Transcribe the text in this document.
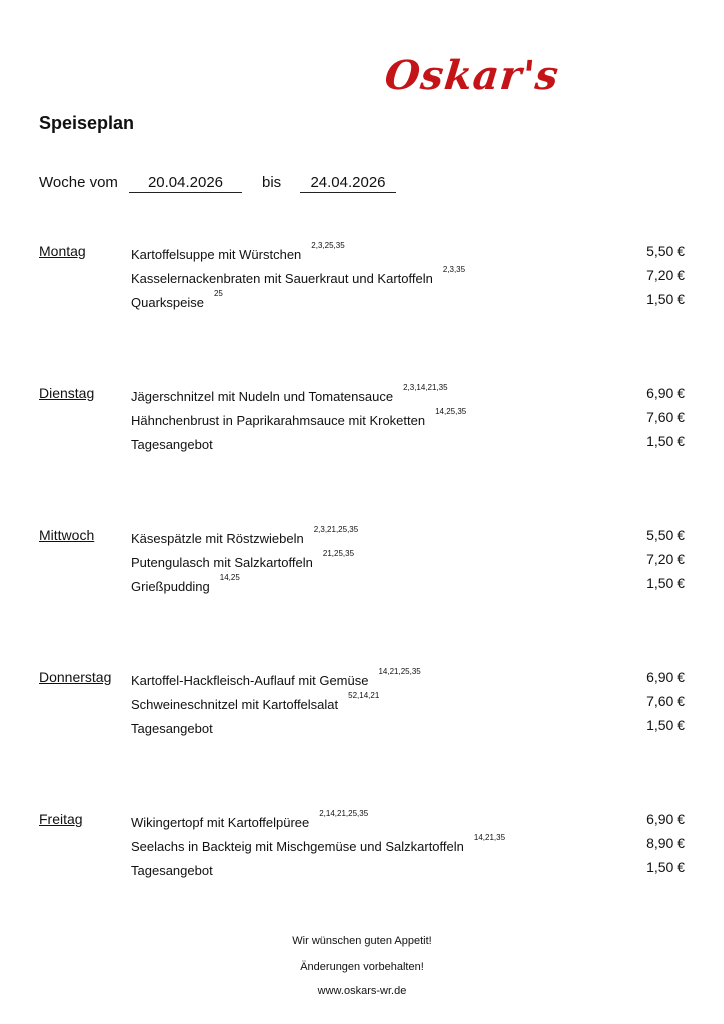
Oskar's
Speiseplan
Woche vom	20.04.2026	bis	24.04.2026
Montag	Kartoffelsuppe mit Würstchen$^{2,3,25,35}$	5,50 €
Kasselernackenbraten mit Sauerkraut und Kartoffeln$^{2,3,35}$	7,20 €
Quarkspeise$^{25}$	1,50 €
Dienstag	Jägerschnitzel mit Nudeln und Tomatensauce$^{2,3,14,21,35}$	6,90 €
Hähnchenbrust in Paprikarahmsauce mit Kroketten$^{14,25,35}$	7,60 €
Tagesangebot	1,50 €
Mittwoch	Käsespätzle mit Röstzwiebeln$^{2,3,21,25,35}$	5,50 €
Putengulasch mit Salzkartoffeln$^{21,25,35}$	7,20 €
Grießpudding$^{14,25}$	1,50 €
Donnerstag Kartoffel-Hackfleisch-Auflauf mit Gemüse$^{14,21,25,35}$	6,90 €
Schweineschnitzel mit Kartoffelsalat$^{52,14,21}$	7,60 €
Tagesangebot	1,50 €
Freitag	Wikingertopf mit Kartoffelpüree$^{2,14,21,25,35}$	6,90 €
Seelachs in Backteig mit Mischgemüse und Salzkartoffeln$^{14,21,35}$	8,90 €
Tagesangebot	1,50 €
Wir wünschen guten Appetit!
Änderungen vorbehalten!
www.oskars-wr.de
